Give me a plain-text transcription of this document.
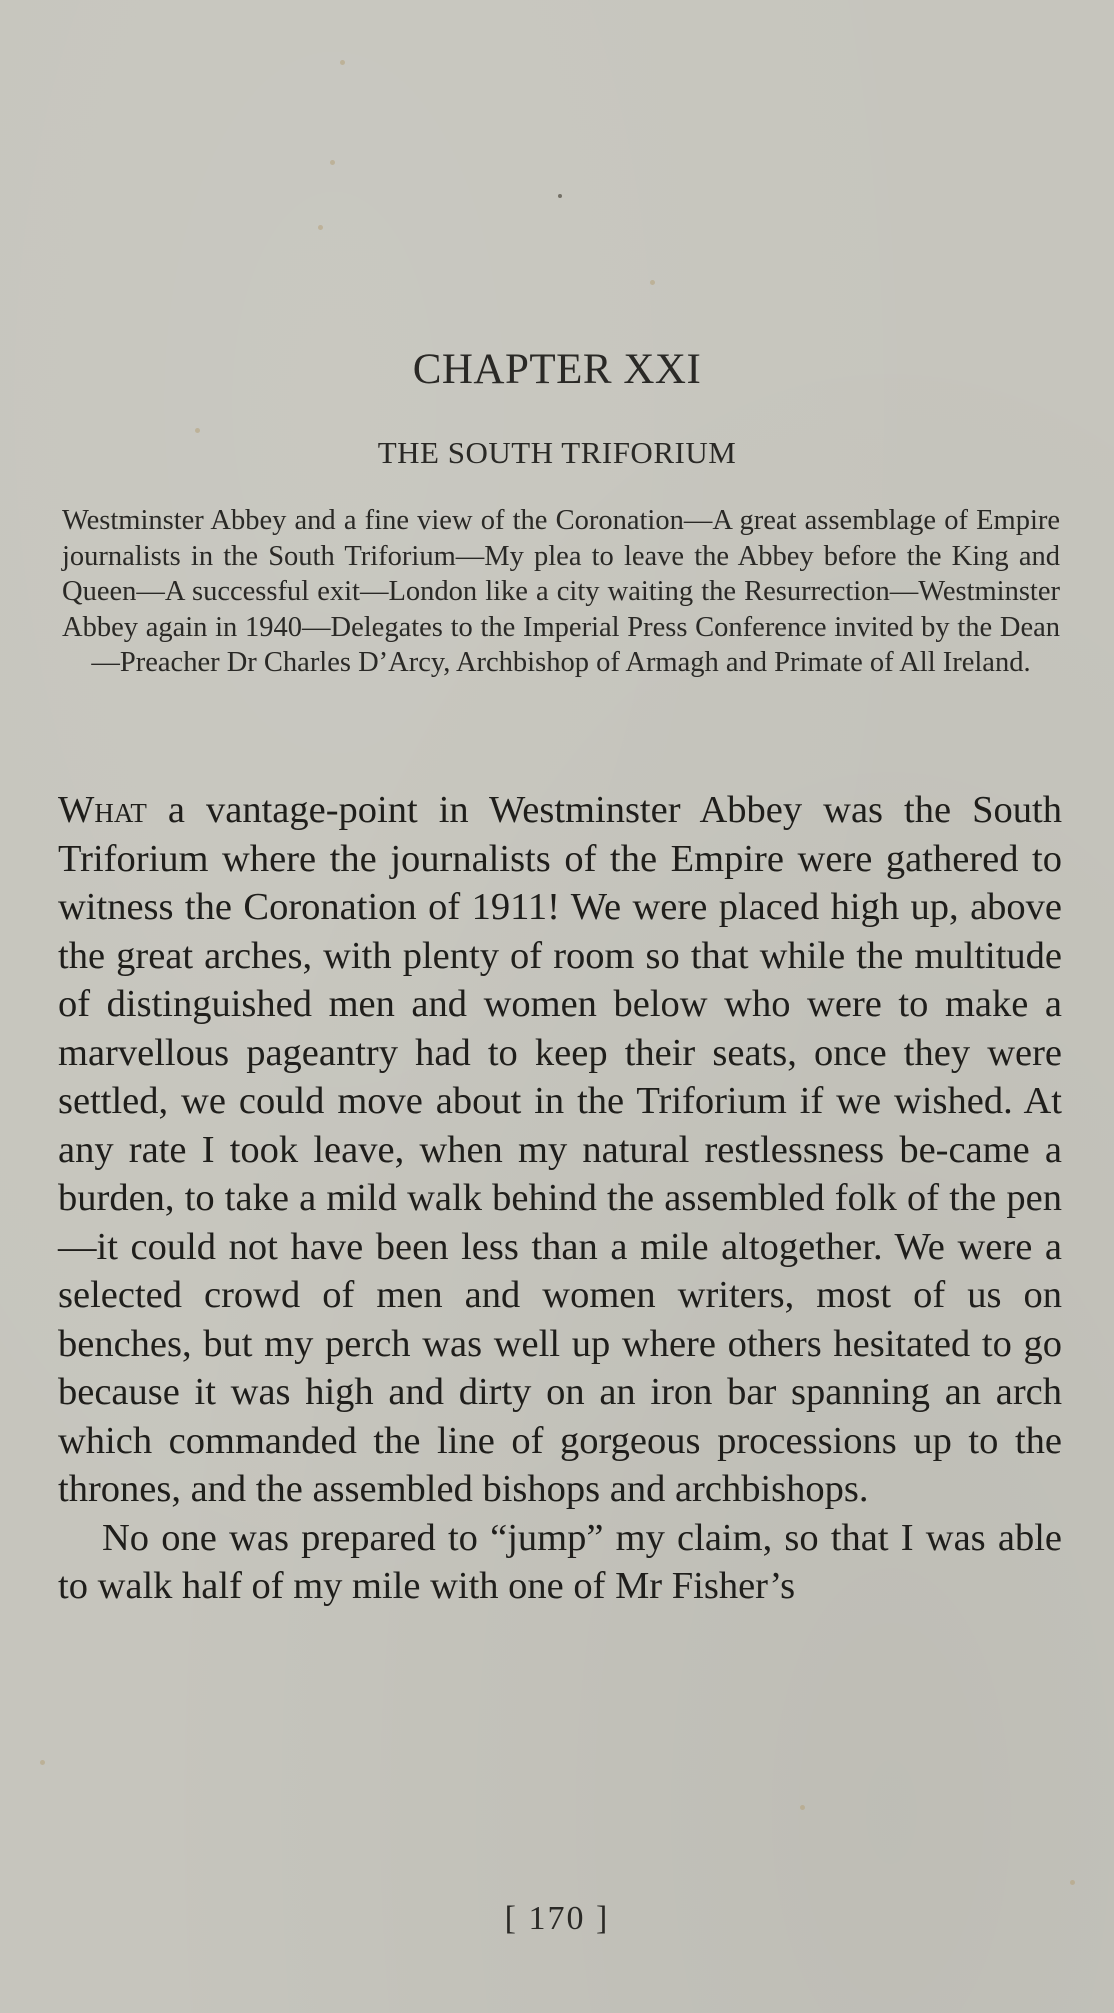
CHAPTER XXI
THE SOUTH TRIFORIUM

Westminster Abbey and a fine view of the Coronation—A great assemblage of Empire journalists in the South Triforium—My plea to leave the Abbey before the King and Queen—A successful exit—London like a city waiting the Resurrection—Westminster Abbey again in 1940—Delegates to the Imperial Press Conference invited by the Dean—Preacher Dr Charles D’Arcy, Archbishop of Armagh and Primate of All Ireland.

What a vantage-point in Westminster Abbey was the South Triforium where the journalists of the Empire were gathered to witness the Coronation of 1911! We were placed high up, above the great arches, with plenty of room so that while the multitude of distinguished men and women below who were to make a marvellous pageantry had to keep their seats, once they were settled, we could move about in the Triforium if we wished. At any rate I took leave, when my natural restlessness be-came a burden, to take a mild walk behind the assembled folk of the pen—it could not have been less than a mile altogether. We were a selected crowd of men and women writers, most of us on benches, but my perch was well up where others hesitated to go because it was high and dirty on an iron bar spanning an arch which commanded the line of gorgeous processions up to the thrones, and the assembled bishops and archbishops.

No one was prepared to “jump” my claim, so that I was able to walk half of my mile with one of Mr Fisher’s

[ 170 ]
